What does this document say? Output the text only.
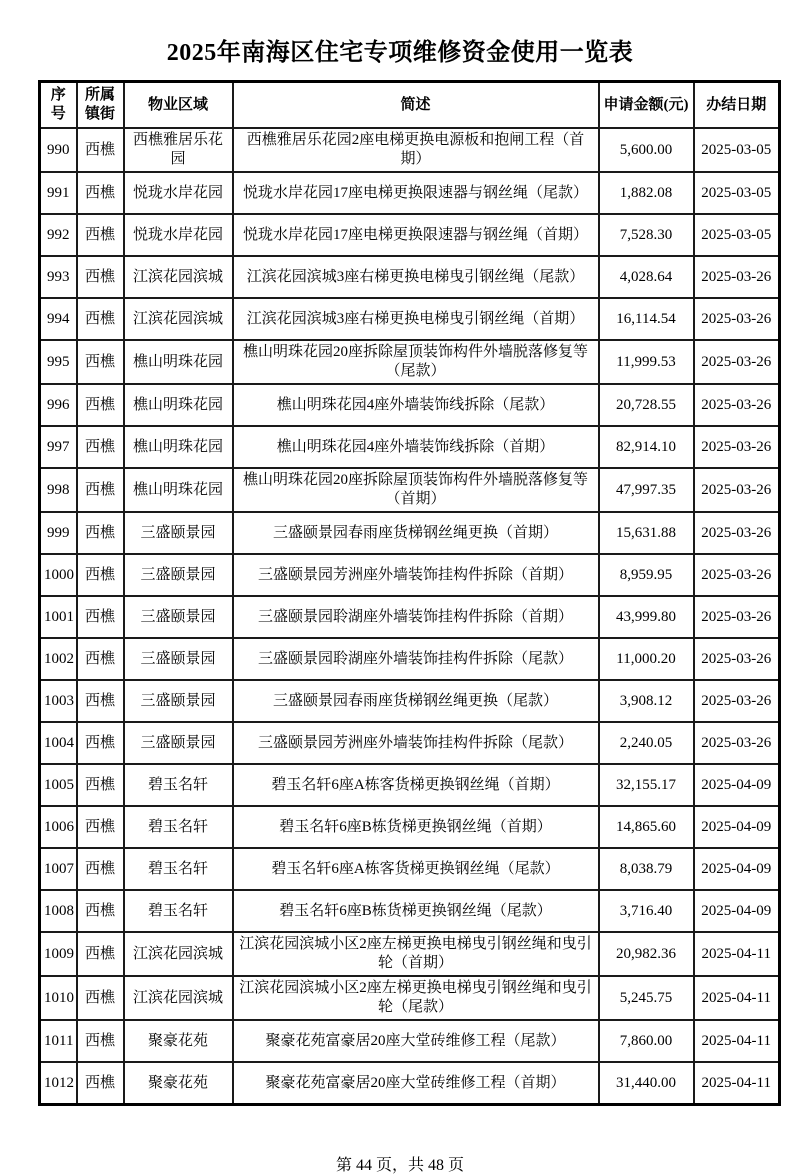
2025年南海区住宅专项维修资金使用一览表
序号	所属镇街	物业区域	简述	申请金额(元)	办结日期
990	西樵	西樵雅居乐花园	西樵雅居乐花园2座电梯更换电源板和抱闸工程（首期）	5,600.00	2025-03-05
991	西樵	悦珑水岸花园	悦珑水岸花园17座电梯更换限速器与钢丝绳（尾款）	1,882.08	2025-03-05
992	西樵	悦珑水岸花园	悦珑水岸花园17座电梯更换限速器与钢丝绳（首期）	7,528.30	2025-03-05
993	西樵	江滨花园滨城	江滨花园滨城3座右梯更换电梯曳引钢丝绳（尾款）	4,028.64	2025-03-26
994	西樵	江滨花园滨城	江滨花园滨城3座右梯更换电梯曳引钢丝绳（首期）	16,114.54	2025-03-26
995	西樵	樵山明珠花园	樵山明珠花园20座拆除屋顶装饰构件外墙脱落修复等（尾款）	11,999.53	2025-03-26
996	西樵	樵山明珠花园	樵山明珠花园4座外墙装饰线拆除（尾款）	20,728.55	2025-03-26
997	西樵	樵山明珠花园	樵山明珠花园4座外墙装饰线拆除（首期）	82,914.10	2025-03-26
998	西樵	樵山明珠花园	樵山明珠花园20座拆除屋顶装饰构件外墙脱落修复等（首期）	47,997.35	2025-03-26
999	西樵	三盛颐景园	三盛颐景园春雨座货梯钢丝绳更换（首期）	15,631.88	2025-03-26
1000	西樵	三盛颐景园	三盛颐景园芳洲座外墙装饰挂构件拆除（首期）	8,959.95	2025-03-26
1001	西樵	三盛颐景园	三盛颐景园聆湖座外墙装饰挂构件拆除（首期）	43,999.80	2025-03-26
1002	西樵	三盛颐景园	三盛颐景园聆湖座外墙装饰挂构件拆除（尾款）	11,000.20	2025-03-26
1003	西樵	三盛颐景园	三盛颐景园春雨座货梯钢丝绳更换（尾款）	3,908.12	2025-03-26
1004	西樵	三盛颐景园	三盛颐景园芳洲座外墙装饰挂构件拆除（尾款）	2,240.05	2025-03-26
1005	西樵	碧玉名轩	碧玉名轩6座A栋客货梯更换钢丝绳（首期）	32,155.17	2025-04-09
1006	西樵	碧玉名轩	碧玉名轩6座B栋货梯更换钢丝绳（首期）	14,865.60	2025-04-09
1007	西樵	碧玉名轩	碧玉名轩6座A栋客货梯更换钢丝绳（尾款）	8,038.79	2025-04-09
1008	西樵	碧玉名轩	碧玉名轩6座B栋货梯更换钢丝绳（尾款）	3,716.40	2025-04-09
1009	西樵	江滨花园滨城	江滨花园滨城小区2座左梯更换电梯曳引钢丝绳和曳引轮（首期）	20,982.36	2025-04-11
1010	西樵	江滨花园滨城	江滨花园滨城小区2座左梯更换电梯曳引钢丝绳和曳引轮（尾款）	5,245.75	2025-04-11
1011	西樵	聚豪花苑	聚豪花苑富豪居20座大堂砖维修工程（尾款）	7,860.00	2025-04-11
1012	西樵	聚豪花苑	聚豪花苑富豪居20座大堂砖维修工程（首期）	31,440.00	2025-04-11
第 44 页，共 48 页
